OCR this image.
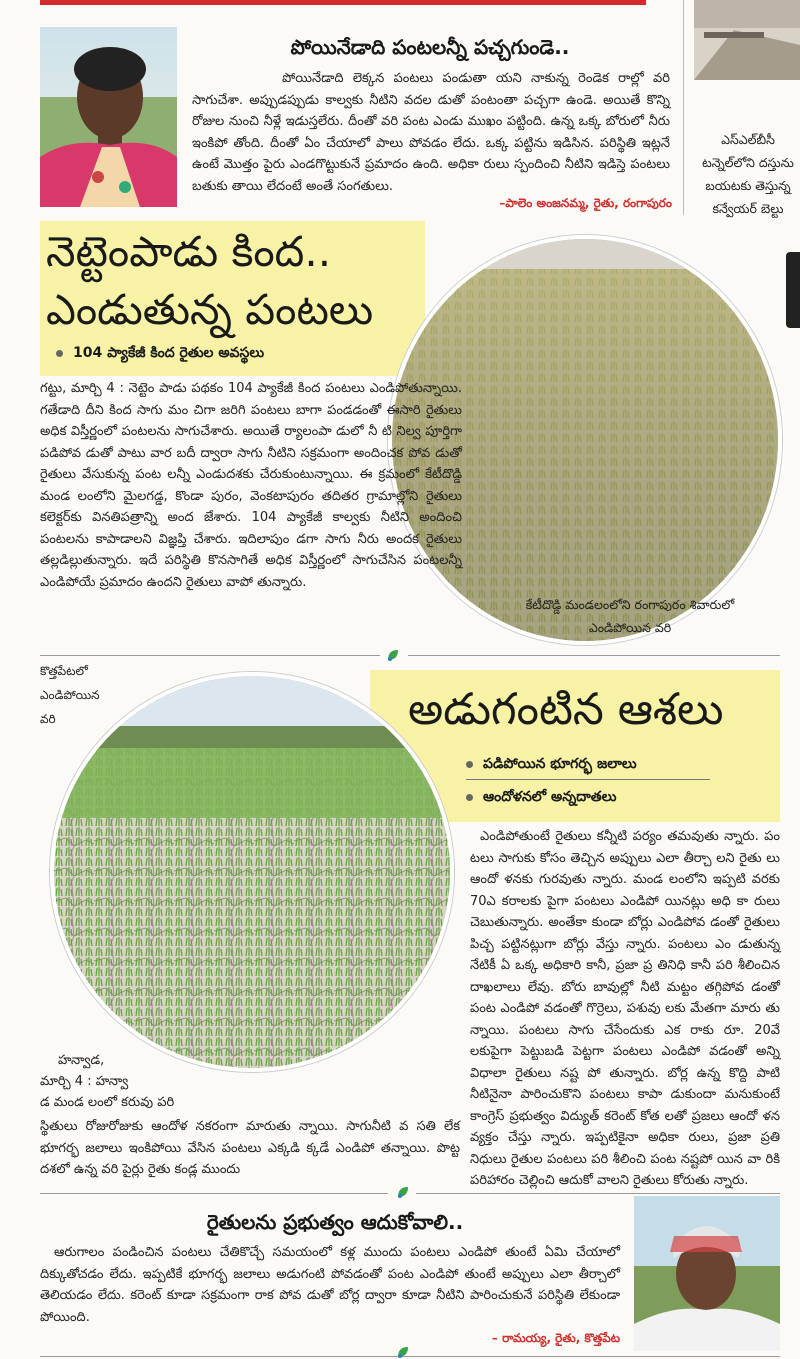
పోయినేడాది పంటలన్నీ పచ్చగుండె..
పోయినేడాది లెక్కన పంటలు పండుతా యని నాకున్న రెండెక రాల్లో వరి సాగుచేశా. అప్పుడప్పుడు కాల్వకు నీటిని వదల డుతో పంటంతా పచ్చగా ఉండె. అయితే కొన్ని రోజుల నుంచి నీళ్లే ఇడుస్తలేరు. దీంతో వరి పంట ఎండు ముఖం పట్టింది. ఉన్న ఒక్క బోరులో నీరు ఇంకిపో తోంది. దీంతో ఏం చేయాలో పాలు పోవడం లేదు. ఒక్క పట్టిను ఇడిసిన. పరిస్థితి ఇట్లనే ఉంటే మొత్తం పైరు ఎండగొట్టుకునే ప్రమాదం ఉంది. అధికా రులు స్పందించి నీటిని ఇడిస్తె పంటలు బతుకు తాయి లేదంటే అంతే సంగతులు.
–పాలెం అంజనమ్మ, రైతు, రంగాపురం
ఎస్‌ఎల్‌బీసీ టన్నెల్‌లోని దస్తును బయటకు తెస్తున్న కన్వేయర్ బెల్టు
నెట్టెంపాడు కింద..
ఎండుతున్న పంటలు
104 ప్యాకేజీ కింద రైతుల అవస్థలు
గట్టు, మార్చి 4 : నెట్టెం పాడు పథకం 104 ప్యాకేజీ కింద పంటలు ఎండిపోతున్నాయి. గతేడాది దీని కింద సాగు మం చిగా జరిగి పంటలు బాగా పండడంతో ఈసారి రైతులు అధిక విస్తీర్ణంలో పంటలను సాగుచేశారు. అయితే ర్యాలంపా డులో నీ టి నిల్వ పూర్తిగా పడిపోవ డుతో పాటు వార బదీ ద్వారా సాగు నీటిని సక్రమంగా అందించక పోవ డుతో రైతులు వేసుకున్న పంట లన్నీ ఎండుదశకు చేరుకుంటున్నాయి. ఈ క్రమంలో కేటీదొడ్డి మండ లంలోని మైలగడ్డ, కొండా పురం, వెంకటాపురం తదితర గ్రామాల్లోని రైతులు కలెక్టర్‌కు వినతిపత్రాన్ని అంద జేశారు. 104 ప్యాకేజీ కాల్వకు నీటిని అందించి పంటలను కాపాడాలని విజ్ఞప్తి చేశారు. ఇదిలాపుం డగా సాగు నీరు అందక రైతులు తల్లడిల్లుతున్నారు. ఇదే పరిస్థితి కొనసాగితే అధిక విస్తీర్ణంలో సాగుచేసిన పంటలన్నీ ఎండిపోయే ప్రమాదం ఉందని రైతులు వాపో తున్నారు.
కేటీదొడ్డి మండలంలోని రంగాపురం శివారులో
ఎండిపోయిన వరి
కొత్తపేటలో
ఎండిపోయిన
వరి	అడుగంటిన ఆశలు
పడిపోయిన భూగర్భ జలాలు
ఆందోళనలో అన్నదాతలు
ఎండిపోతుంటే రైతులు కన్నీటి పర్యం తమవుతు న్నారు. పం టలు సాగుకు కోసం తెచ్చిన అప్పులు ఎలా తీర్చా లని రైతు లు ఆందో ళనకు గురవుతు న్నారు. మండ లంలోని ఇప్పటి వరకు 70ఎ కరాలకు పైగా పంటలు ఎండిపో యినట్లు అధి కా రులు చెబుతున్నారు. అంతేకా కుండా బోర్లు ఎండిపోవ డంతో రైతులు పిచ్చ పట్టినట్లుగా బోర్లు వేస్తు న్నారు. పంటలు ఎం డుతున్న నేటికీ ఏ ఒక్క అధికారి కానీ, ప్రజా ప్ర తినిధి కానీ పరి శీలించిన దాఖలాలు లేవు. బోరు బావుల్లో నీటి మట్టం తగ్గిపోవ డంతో పంట ఎండిపో వడంతో గొర్రెలు, పశువు లకు మేతగా మారు తు న్నాయి. పంటలు సాగు చేసేందుకు ఎక రాకు రూ. 20వే లకుపైగా పెట్టుబడి పెట్టగా పంటలు ఎండిపో వడంతో అన్ని విధాలా రైతులు నష్ట పో తున్నారు. బోర్ల ఉన్న కొద్ది పాటి నీటినైనా పారించుకొని పంటలు కాపా డుకుందా మనుకుంటే కాంగ్రెస్ ప్రభుత్వం విద్యుత్ కరెంట్ కోత లతో ప్రజలు ఆందో ళన వ్యక్తం చేస్తు న్నారు. ఇప్పటికైనా అధికా రులు, ప్రజా ప్రతి నిధులు రైతుల పంటలు పరి శీలించి పంట నష్టపో యిన వా రికి పరిహారం చెల్లించి ఆదుకో వాలని రైతులు కోరుతు న్నారు.
హన్వాడ,
మార్చి 4 : హన్వా
డ మండ లంలో కరువు పరి
స్థితులు రోజురోజుకు ఆందోళ నకరంగా మారుతు న్నాయి. సాగునీటి వ సతి లేక భూగర్భ జలాలు ఇంకిపోయి వేసిన పంటలు ఎక్కడి క్కడే ఎండిపో తన్నాయి. పొట్ట దశలో ఉన్న వరి పైర్లు రైతు కండ్ల ముందు
రైతులను ప్రభుత్వం ఆదుకోవాలి..
ఆరుగాలం పండించిన పంటలు చేతికొచ్చే సమయంలో కళ్ల ముందు పంటలు ఎండిపో తుంటే ఏమి చేయాలో దిక్కుతోచడం లేదు. ఇప్పటికే భూగర్భ జలాలు అడుగంటి పోవడంతో పంట ఎండిపో తుంటే అప్పులు ఎలా తీర్చాలో తెలియడం లేదు. కరెంట్ కూడా సక్రమంగా రాక పోవ డుతో బోర్ల ద్వారా కూడా నీటిని పారించుకునే పరిస్థితి లేకుండా పోయింది.
– రామయ్య, రైతు, కొత్తపేట
